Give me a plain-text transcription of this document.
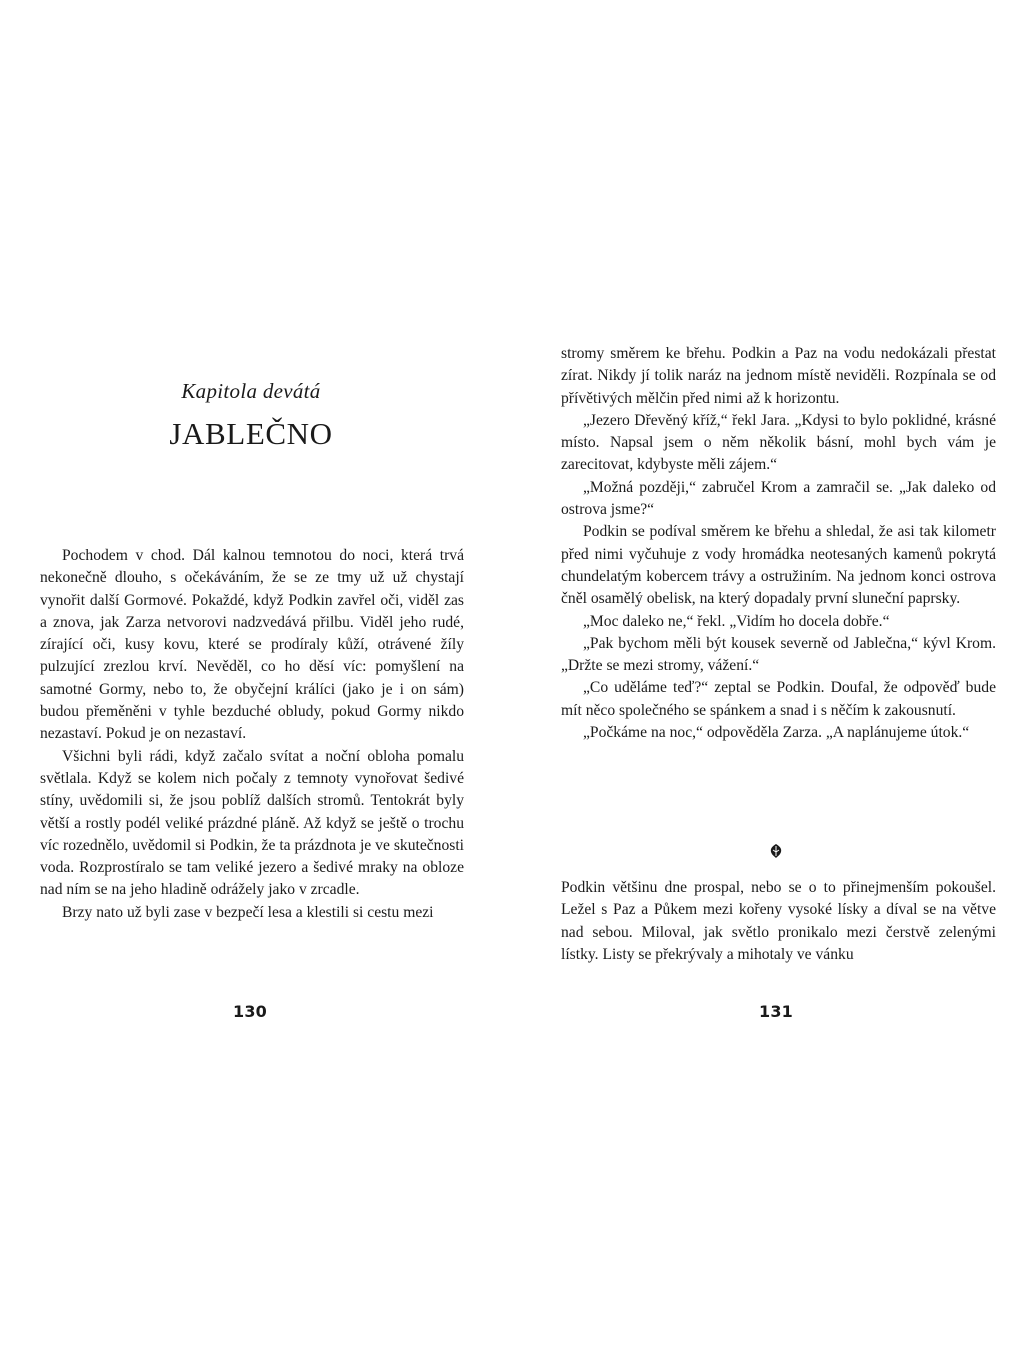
Kapitola devátá
JABLEČNO

Pochodem v chod. Dál kalnou temnotou do noci, která trvá nekonečně dlouho, s očekáváním, že se ze tmy už už chystají vynořit další Gormové. Pokaždé, když Podkin zavřel oči, viděl zas a znova, jak Zarza netvorovi nadzvedává přilbu. Viděl jeho rudé, zírající oči, kusy kovu, které se prodíraly kůží, otrávené žíly pulzující zrezlou krví. Nevěděl, co ho děsí víc: pomyšlení na samotné Gormy, nebo to, že obyčejní králíci (jako je i on sám) budou přeměněni v tyhle bezduché obludy, pokud Gormy nikdo nezastaví. Pokud je on nezastaví.

Všichni byli rádi, když začalo svítat a noční obloha pomalu světlala. Když se kolem nich počaly z temnoty vynořovat šedivé stíny, uvědomili si, že jsou poblíž dalších stromů. Tentokrát byly větší a rostly podél veliké prázdné pláně. Až když se ještě o trochu víc rozednělo, uvědomil si Podkin, že ta prázdnota je ve skutečnosti voda. Rozprostíralo se tam veliké jezero a šedivé mraky na obloze nad ním se na jeho hladině odrážely jako v zrcadle.

Brzy nato už byli zase v bezpečí lesa a klestili si cestu mezi

130

stromy směrem ke břehu. Podkin a Paz na vodu nedokázali přestat zírat. Nikdy jí tolik naráz na jednom místě neviděli. Rozpínala se od přívětivých mělčin před nimi až k horizontu.

„Jezero Dřevěný kříž,“ řekl Jara. „Kdysi to bylo poklidné, krásné místo. Napsal jsem o něm několik básní, mohl bych vám je zarecitovat, kdybyste měli zájem.“

„Možná později,“ zabručel Krom a zamračil se. „Jak daleko od ostrova jsme?“

Podkin se podíval směrem ke břehu a shledal, že asi tak kilometr před nimi vyčuhuje z vody hromádka neotesaných kamenů pokrytá chundelatým kobercem trávy a ostružiním. Na jednom konci ostrova čněl osamělý obelisk, na který dopadaly první sluneční paprsky.

„Moc daleko ne,“ řekl. „Vidím ho docela dobře.“

„Pak bychom měli být kousek severně od Jablečna,“ kývl Krom. „Držte se mezi stromy, vážení.“

„Co uděláme teď?“ zeptal se Podkin. Doufal, že odpověď bude mít něco společného se spánkem a snad i s něčím k zakousnutí.

„Počkáme na noc,“ odpověděla Zarza. „A naplánujeme útok.“

Podkin většinu dne prospal, nebo se o to přinejmenším pokoušel. Ležel s Paz a Půkem mezi kořeny vysoké lísky a díval se na větve nad sebou. Miloval, jak světlo pronikalo mezi čerstvě zelenými lístky. Listy se překrývaly a mihotaly ve vánku

131
